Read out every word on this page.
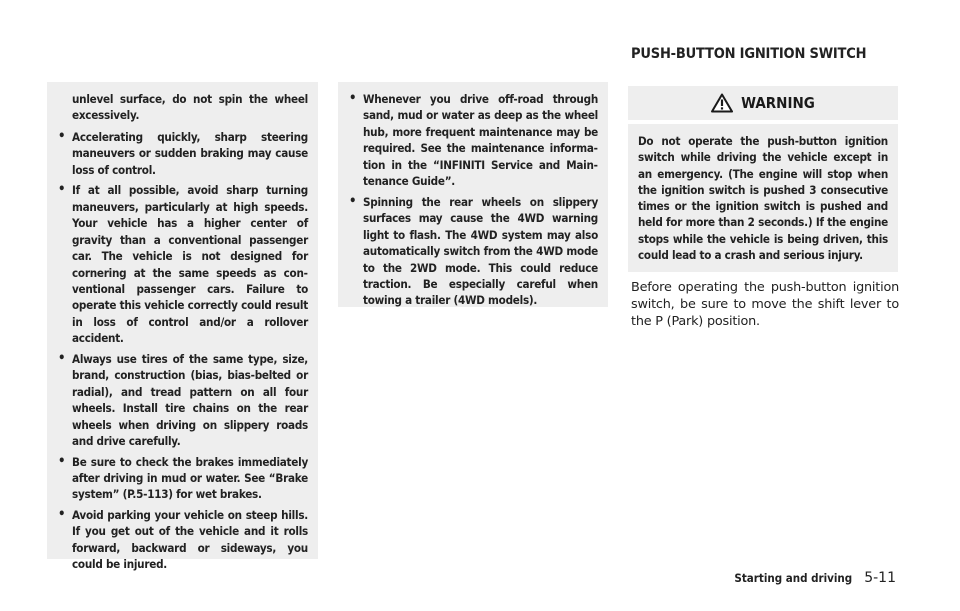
unlevel surface, do not spin the wheel excessively.
• Accelerating quickly, sharp steering maneuvers or sudden braking may cause loss of control.
• If at all possible, avoid sharp turning maneuvers, particularly at high speeds. Your vehicle has a higher center of gravity than a conventional passenger car. The vehicle is not designed for cornering at the same speeds as conventional passenger cars. Failure to operate this vehicle correctly could result in loss of control and/or a rollover accident.
• Always use tires of the same type, size, brand, construction (bias, bias-belted or radial), and tread pattern on all four wheels. Install tire chains on the rear wheels when driving on slippery roads and drive carefully.
• Be sure to check the brakes immediately after driving in mud or water. See “Brake system” (P.5-113) for wet brakes.
• Avoid parking your vehicle on steep hills. If you get out of the vehicle and it rolls forward, backward or sideways, you could be injured.
• Whenever you drive off-road through sand, mud or water as deep as the wheel hub, more frequent maintenance may be required. See the maintenance information in the “INFINITI Service and Maintenance Guide”.
• Spinning the rear wheels on slippery surfaces may cause the 4WD warning light to flash. The 4WD system may also automatically switch from the 4WD mode to the 2WD mode. This could reduce traction. Be especially careful when towing a trailer (4WD models).
PUSH-BUTTON IGNITION SWITCH
WARNING
Do not operate the push-button ignition switch while driving the vehicle except in an emergency. (The engine will stop when the ignition switch is pushed 3 consecutive times or the ignition switch is pushed and held for more than 2 seconds.) If the engine stops while the vehicle is being driven, this could lead to a crash and serious injury.

Before operating the push-button ignition switch, be sure to move the shift lever to the P (Park) position.

Starting and driving 5-11
